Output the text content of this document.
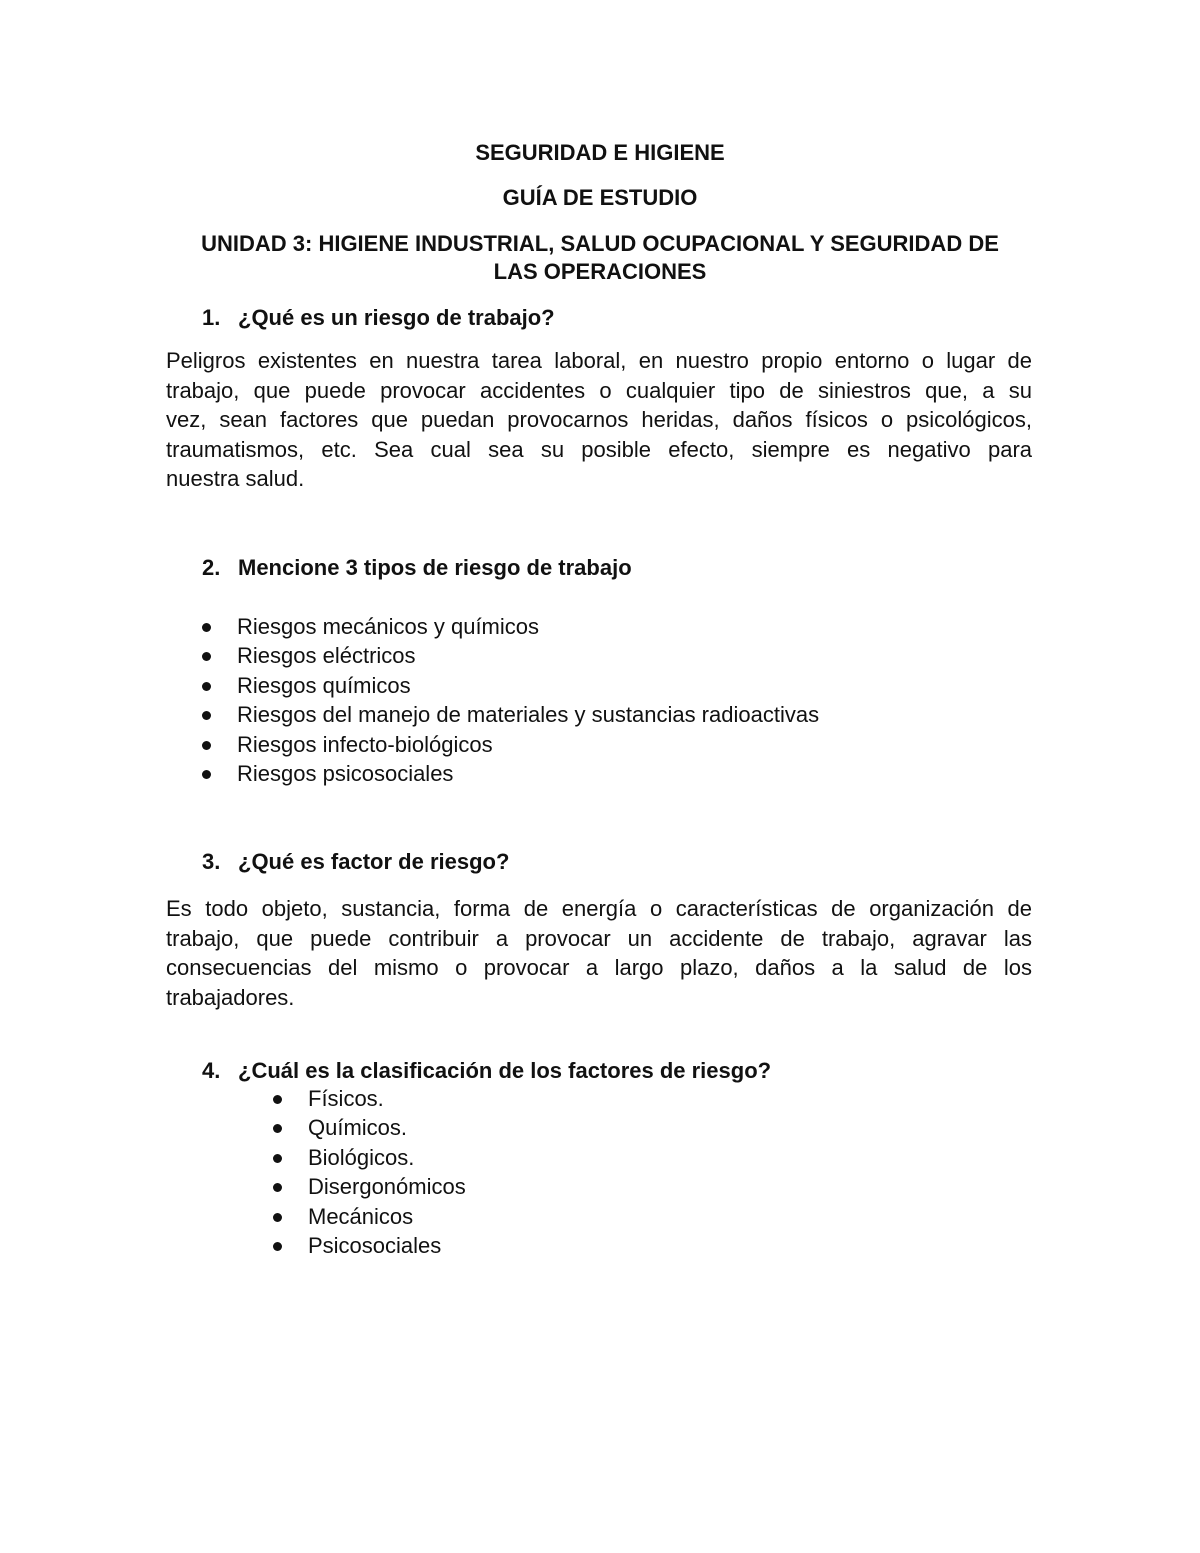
SEGURIDAD E HIGIENE
GUÍA DE ESTUDIO
UNIDAD 3: HIGIENE INDUSTRIAL, SALUD OCUPACIONAL Y SEGURIDAD DE
LAS OPERACIONES
1. ¿Qué es un riesgo de trabajo?
Peligros existentes en nuestra tarea laboral, en nuestro propio entorno o lugar de
trabajo, que puede provocar accidentes o cualquier tipo de siniestros que, a su
vez, sean factores que puedan provocarnos heridas, daños físicos o psicológicos,
traumatismos, etc. Sea cual sea su posible efecto, siempre es negativo para
nuestra salud.
2. Mencione 3 tipos de riesgo de trabajo
Riesgos mecánicos y químicos
Riesgos eléctricos
Riesgos químicos
Riesgos del manejo de materiales y sustancias radioactivas
Riesgos infecto-biológicos
Riesgos psicosociales
3. ¿Qué es factor de riesgo?
Es todo objeto, sustancia, forma de energía o características de organización de
trabajo, que puede contribuir a provocar un accidente de trabajo, agravar las
consecuencias del mismo o provocar a largo plazo, daños a la salud de los
trabajadores.
4. ¿Cuál es la clasificación de los factores de riesgo?
Físicos.
Químicos.
Biológicos.
Disergonómicos
Mecánicos
Psicosociales
